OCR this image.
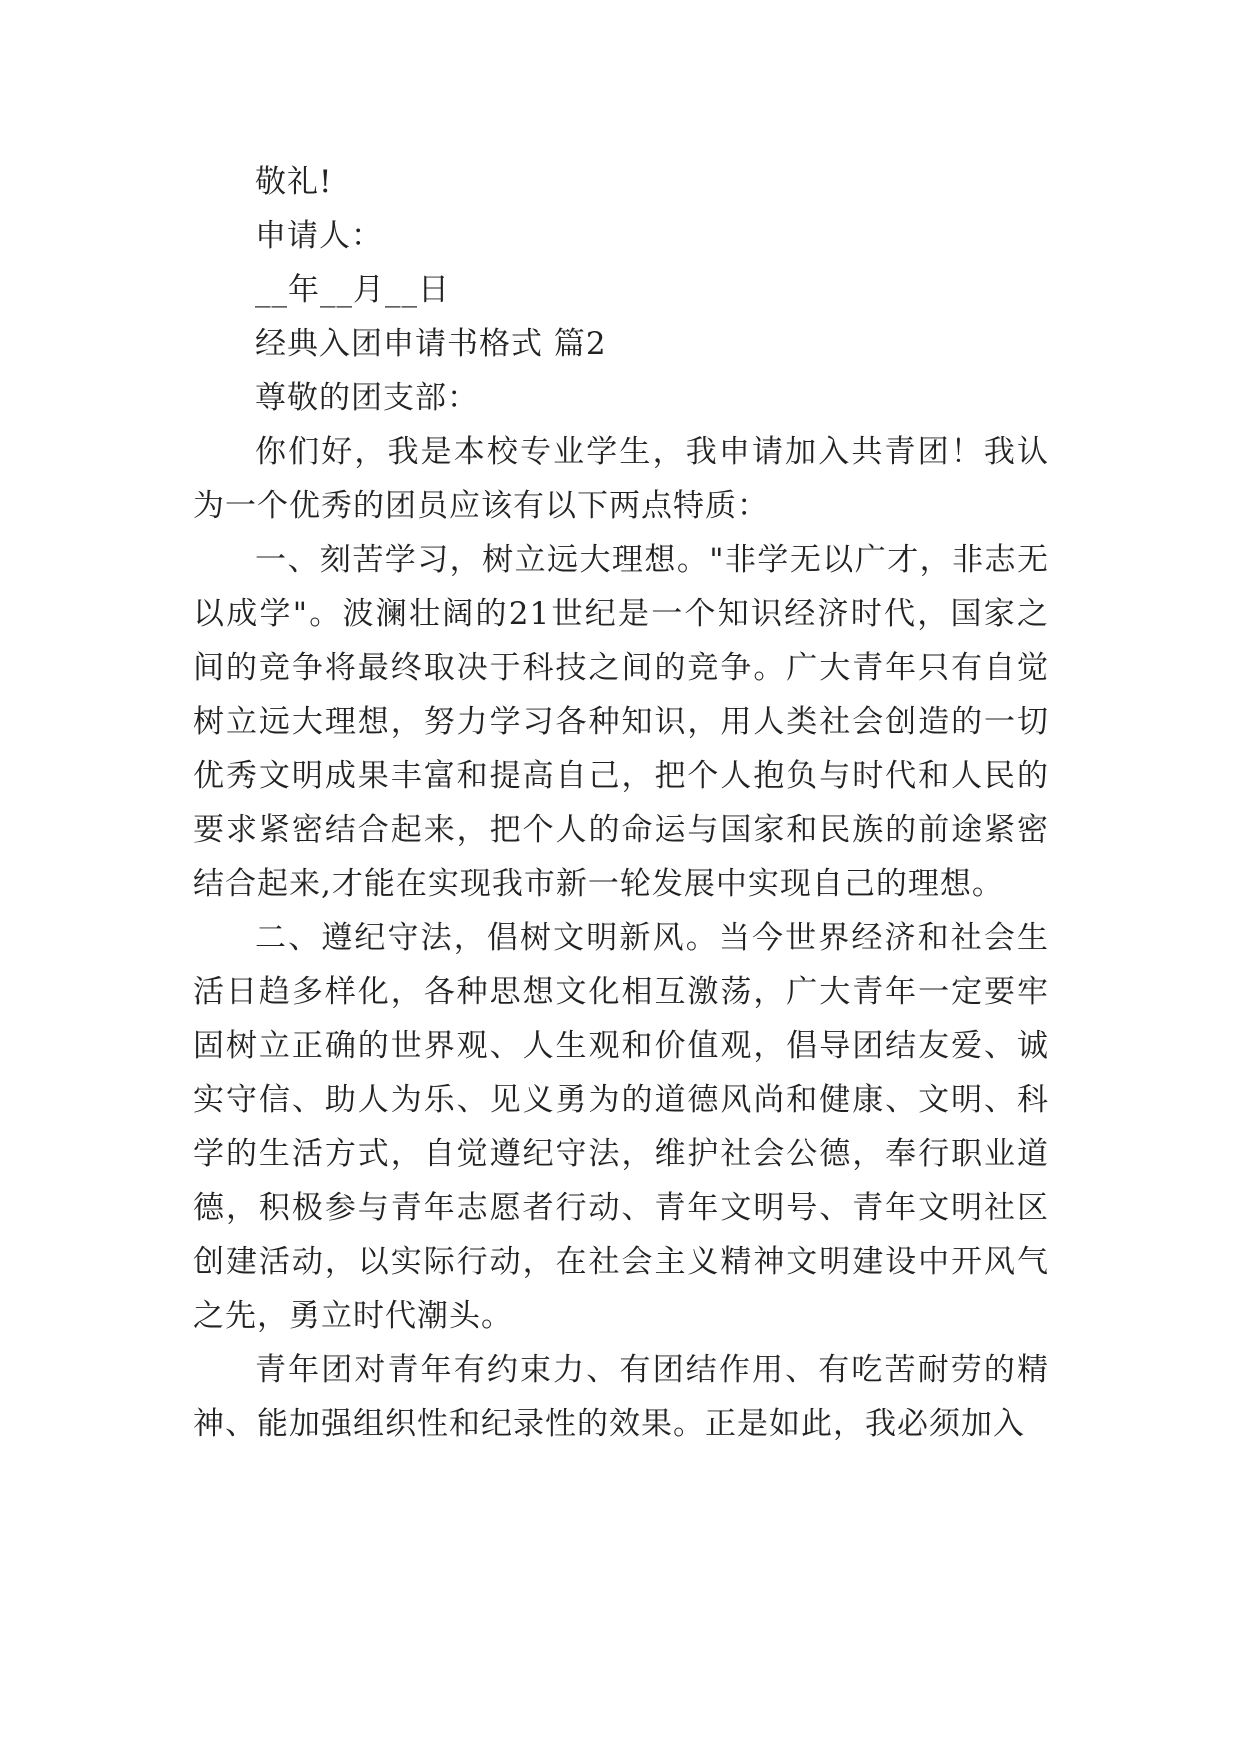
敬礼!

申请人：

__年__月__日

经典入团申请书格式 篇2

尊敬的团支部：

你们好，我是本校专业学生，我申请加入共青团！我认为一个优秀的团员应该有以下两点特质：

一、刻苦学习，树立远大理想。"非学无以广才，非志无以成学"。波澜壮阔的21世纪是一个知识经济时代，国家之间的竞争将最终取决于科技之间的竞争。广大青年只有自觉树立远大理想，努力学习各种知识，用人类社会创造的一切优秀文明成果丰富和提高自己，把个人抱负与时代和人民的要求紧密结合起来，把个人的命运与国家和民族的前途紧密结合起来,才能在实现我市新一轮发展中实现自己的理想。

二、遵纪守法，倡树文明新风。当今世界经济和社会生活日趋多样化，各种思想文化相互激荡，广大青年一定要牢固树立正确的世界观、人生观和价值观，倡导团结友爱、诚实守信、助人为乐、见义勇为的道德风尚和健康、文明、科学的生活方式，自觉遵纪守法，维护社会公德，奉行职业道德，积极参与青年志愿者行动、青年文明号、青年文明社区创建活动，以实际行动，在社会主义精神文明建设中开风气之先，勇立时代潮头。

青年团对青年有约束力、有团结作用、有吃苦耐劳的精神、能加强组织性和纪录性的效果。正是如此，我必须加入
